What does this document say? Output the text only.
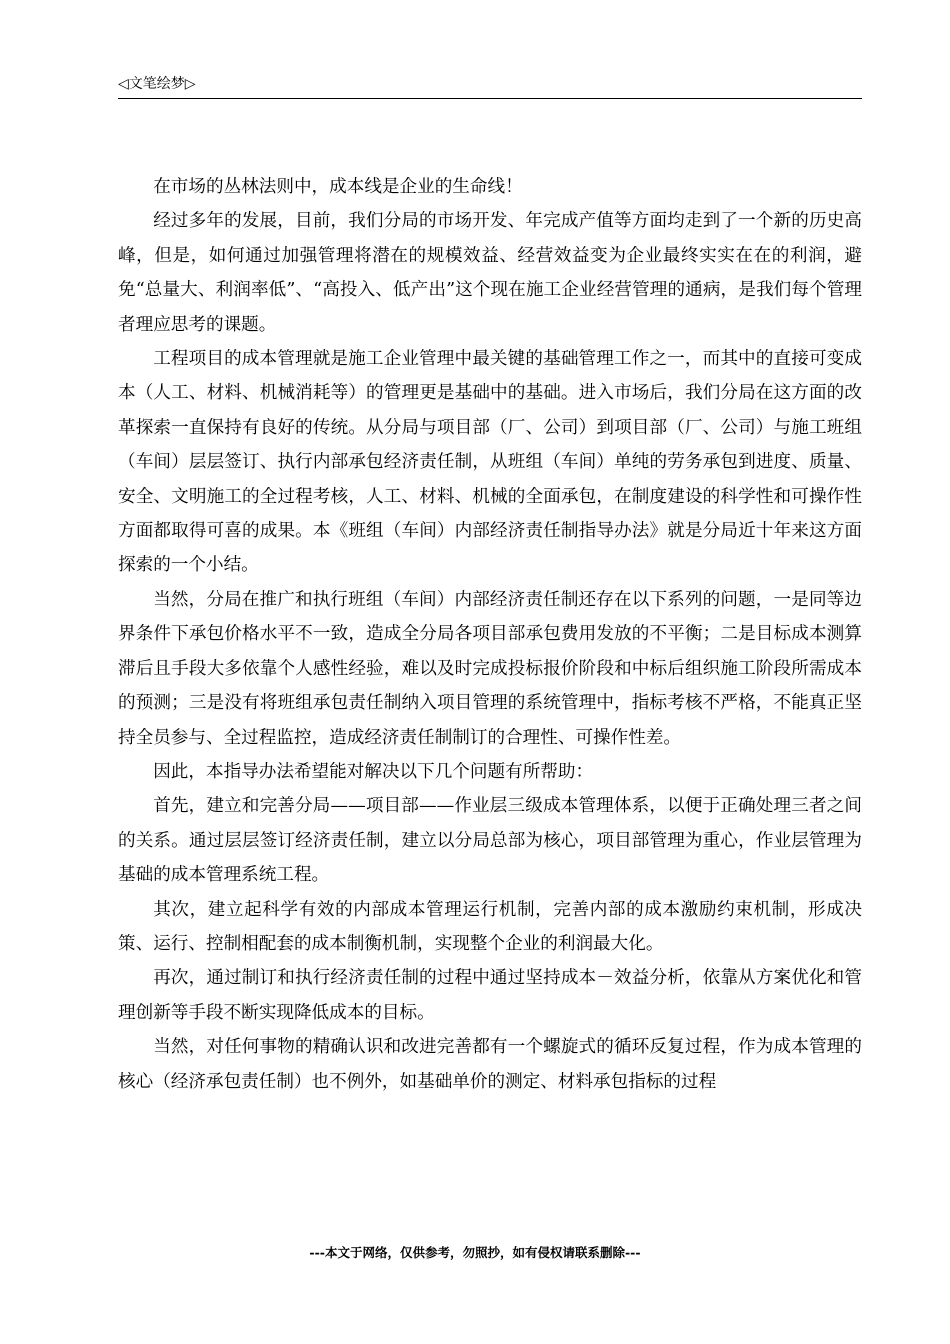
◁文笔绘梦▷

在市场的丛林法则中，成本线是企业的生命线！

经过多年的发展，目前，我们分局的市场开发、年完成产值等方面均走到了一个新的历史高峰，但是，如何通过加强管理将潜在的规模效益、经营效益变为企业最终实实在在的利润，避免“总量大、利润率低”、“高投入、低产出”这个现在施工企业经营管理的通病，是我们每个管理者理应思考的课题。

工程项目的成本管理就是施工企业管理中最关键的基础管理工作之一，而其中的直接可变成本（人工、材料、机械消耗等）的管理更是基础中的基础。进入市场后，我们分局在这方面的改革探索一直保持有良好的传统。从分局与项目部（厂、公司）到项目部（厂、公司）与施工班组（车间）层层签订、执行内部承包经济责任制，从班组（车间）单纯的劳务承包到进度、质量、安全、文明施工的全过程考核，人工、材料、机械的全面承包，在制度建设的科学性和可操作性方面都取得可喜的成果。本《班组（车间）内部经济责任制指导办法》就是分局近十年来这方面探索的一个小结。

当然，分局在推广和执行班组（车间）内部经济责任制还存在以下系列的问题，一是同等边界条件下承包价格水平不一致，造成全分局各项目部承包费用发放的不平衡；二是目标成本测算滞后且手段大多依靠个人感性经验，难以及时完成投标报价阶段和中标后组织施工阶段所需成本的预测；三是没有将班组承包责任制纳入项目管理的系统管理中，指标考核不严格，不能真正坚持全员参与、全过程监控，造成经济责任制制订的合理性、可操作性差。

因此，本指导办法希望能对解决以下几个问题有所帮助：

首先，建立和完善分局——项目部——作业层三级成本管理体系，以便于正确处理三者之间的关系。通过层层签订经济责任制，建立以分局总部为核心，项目部管理为重心，作业层管理为基础的成本管理系统工程。

其次，建立起科学有效的内部成本管理运行机制，完善内部的成本激励约束机制，形成决策、运行、控制相配套的成本制衡机制，实现整个企业的利润最大化。

再次，通过制订和执行经济责任制的过程中通过坚持成本－效益分析，依靠从方案优化和管理创新等手段不断实现降低成本的目标。

当然，对任何事物的精确认识和改进完善都有一个螺旋式的循环反复过程，作为成本管理的核心（经济承包责任制）也不例外，如基础单价的测定、材料承包指标的过程

---本文于网络，仅供参考，勿照抄，如有侵权请联系删除---
